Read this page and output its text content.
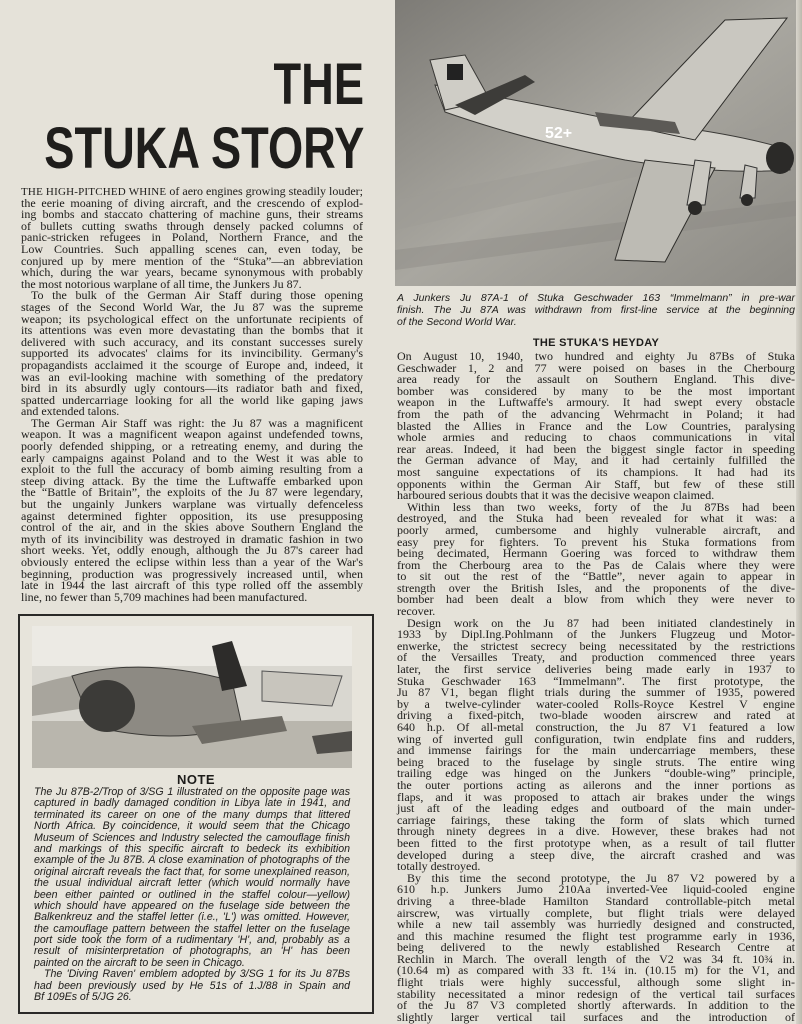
THE
STUKA STORY
THE HIGH-PITCHED WHINE of aero engines growing steadily louder;
the eerie moaning of diving aircraft, and the crescendo of explod-
ing bombs and staccato chattering of machine guns, their streams
of bullets cutting swaths through densely packed columns of
panic-stricken refugees in Poland, Northern France, and the
Low Countries. Such appalling scenes can, even today, be
conjured up by mere mention of the “Stuka”—an abbreviation
which, during the war years, became synonymous with probably
the most notorious warplane of all time, the Junkers Ju 87.
To the bulk of the German Air Staff during those opening
stages of the Second World War, the Ju 87 was the supreme
weapon; its psychological effect on the unfortunate recipients of
its attentions was even more devastating than the bombs that it
delivered with such accuracy, and its constant successes surely
supported its advocates' claims for its invincibility. Germany's
propagandists acclaimed it the scourge of Europe and, indeed, it
was an evil-looking machine with something of the predatory
bird in its absurdly ugly contours—its radiator bath and fixed,
spatted undercarriage looking for all the world like gaping jaws
and extended talons.
The German Air Staff was right: the Ju 87 was a magnificent
weapon. It was a magnificent weapon against undefended towns,
poorly defended shipping, or a retreating enemy, and during the
early campaigns against Poland and to the West it was able to
exploit to the full the accuracy of bomb aiming resulting from a
steep diving attack. By the time the Luftwaffe embarked upon
the “Battle of Britain”, the exploits of the Ju 87 were legendary,
but the ungainly Junkers warplane was virtually defenceless
against determined fighter opposition, its use presupposing
control of the air, and in the skies above Southern England the
myth of its invincibility was destroyed in dramatic fashion in two
short weeks. Yet, oddly enough, although the Ju 87's career had
obviously entered the eclipse within less than a year of the War's
beginning, production was progressively increased until, when
late in 1944 the last aircraft of this type rolled off the assembly
line, no fewer than 5,709 machines had been manufactured.
52+
A Junkers Ju 87A-1 of Stuka Geschwader 163 “Immelmann” in pre-war
finish. The Ju 87A was withdrawn from first-line service at the beginning
of the Second World War.
THE STUKA'S HEYDAY
On August 10, 1940, two hundred and eighty Ju 87Bs of Stuka
Geschwader 1, 2 and 77 were poised on bases in the Cherbourg
area ready for the assault on Southern England. This dive-
bomber was considered by many to be the most important
weapon in the Luftwaffe's armoury. It had swept every obstacle
from the path of the advancing Wehrmacht in Poland; it had
blasted the Allies in France and the Low Countries, paralysing
whole armies and reducing to chaos communications in vital
rear areas. Indeed, it had been the biggest single factor in speeding
the German advance of May, and it had certainly fulfilled the
most sanguine expectations of its champions. It had had its
opponents within the German Air Staff, but few of these still
harboured serious doubts that it was the decisive weapon claimed.
Within less than two weeks, forty of the Ju 87Bs had been
destroyed, and the Stuka had been revealed for what it was: a
poorly armed, cumbersome and highly vulnerable aircraft, and
easy prey for fighters. To prevent his Stuka formations from
being decimated, Hermann Goering was forced to withdraw them
from the Cherbourg area to the Pas de Calais where they were
to sit out the rest of the “Battle”, never again to appear in
strength over the British Isles, and the proponents of the dive-
bomber had been dealt a blow from which they were never to
recover.
Design work on the Ju 87 had been initiated clandestinely in
1933 by Dipl.Ing.Pohlmann of the Junkers Flugzeug und Motor-
enwerke, the strictest secrecy being necessitated by the restrictions
of the Versailles Treaty, and production commenced three years
later, the first service deliveries being made early in 1937 to
Stuka Geschwader 163 “Immelmann”. The first prototype, the
Ju 87 V1, began flight trials during the summer of 1935, powered
by a twelve-cylinder water-cooled Rolls-Royce Kestrel V engine
driving a fixed-pitch, two-blade wooden airscrew and rated at
640 h.p. Of all-metal construction, the Ju 87 V1 featured a low
wing of inverted gull configuration, twin endplate fins and rudders,
and immense fairings for the main undercarriage members, these
being braced to the fuselage by single struts. The entire wing
trailing edge was hinged on the Junkers “double-wing” principle,
the outer portions acting as ailerons and the inner portions as
flaps, and it was proposed to attach air brakes under the wings
just aft of the leading edges and outboard of the main under-
carriage fairings, these taking the form of slats which turned
through ninety degrees in a dive. However, these brakes had not
been fitted to the first prototype when, as a result of tail flutter
developed during a steep dive, the aircraft crashed and was
totally destroyed.
By this time the second prototype, the Ju 87 V2 powered by a
610 h.p. Junkers Jumo 210Aa inverted-Vee liquid-cooled engine
driving a three-blade Hamilton Standard controllable-pitch metal
airscrew, was virtually complete, but flight trials were delayed
while a new tail assembly was hurriedly designed and constructed,
and this machine resumed the flight test programme early in 1936,
being delivered to the newly established Research Centre at
Rechlin in March. The overall length of the V2 was 34 ft. 10¾ in.
(10.64 m) as compared with 33 ft. 1¼ in. (10.15 m) for the V1, and
flight trials were highly successful, although some slight in-
stability necessitated a minor redesign of the vertical tail surfaces
of the Ju 87 V3 completed shortly afterwards. In addition to the
slightly larger vertical tail surfaces and the introduction of
NOTE
The Ju 87B-2/Trop of 3/SG 1 illustrated on the opposite page was
captured in badly damaged condition in Libya late in 1941, and
terminated its career on one of the many dumps that littered
North Africa. By coincidence, it would seem that the Chicago
Museum of Sciences and Industry selected the camouflage finish
and markings of this specific aircraft to bedeck its exhibition
example of the Ju 87B. A close examination of photographs of the
original aircraft reveals the fact that, for some unexplained reason,
the usual individual aircraft letter (which would normally have
been either painted or outlined in the staffel colour—yellow)
which should have appeared on the fuselage side between the
Balkenkreuz and the staffel letter (i.e., 'L') was omitted. However,
the camouflage pattern between the staffel letter on the fuselage
port side took the form of a rudimentary 'H', and, probably as a
result of misinterpretation of photographs, an 'H' has been
painted on the aircraft to be seen in Chicago.
The 'Diving Raven' emblem adopted by 3/SG 1 for its Ju 87Bs
had been previously used by He 51s of 1.J/88 in Spain and
Bf 109Es of 5/JG 26.
